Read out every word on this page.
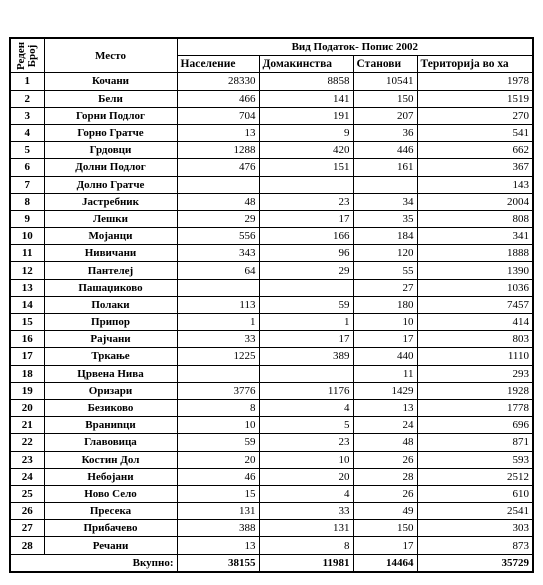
Реден Број	Место	Вид Податок- Попис 2002			
		Население	Домакинства	Станови	Територија во ха
1	Кочани	28330	8858	10541	1978
2	Бели	466	141	150	1519
3	Горни Подлог	704	191	207	270
4	Горно Гратче	13	9	36	541
5	Грдовци	1288	420	446	662
6	Долни Подлог	476	151	161	367
7	Долно Гратче				143
8	Јастребник	48	23	34	2004
9	Лешки	29	17	35	808
10	Мојанци	556	166	184	341
11	Нивичани	343	96	120	1888
12	Пантелеј	64	29	55	1390
13	Пашаџиково			27	1036
14	Полаки	113	59	180	7457
15	Припор	1	1	10	414
16	Рајчани	33	17	17	803
17	Тркање	1225	389	440	1110
18	Црвена Нива			11	293
19	Оризари	3776	1176	1429	1928
20	Безиково	8	4	13	1778
21	Враниnци	10	5	24	696
22	Главовица	59	23	48	871
23	Костин Дол	20	10	26	593
24	Небојани	46	20	28	2512
25	Ново Село	15	4	26	610
26	Пресека	131	33	49	2541
27	Прибачево	388	131	150	303
28	Речани	13	8	17	873
Вкупно:		38155	11981	14464	35729
